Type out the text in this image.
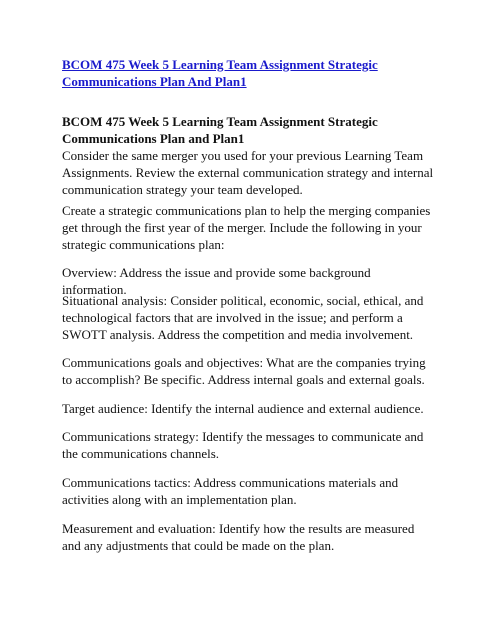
BCOM 475 Week 5 Learning Team Assignment Strategic Communications Plan And Plan1
BCOM 475 Week 5 Learning Team Assignment Strategic Communications Plan and Plan1

Consider the same merger you used for your previous Learning Team Assignments. Review the external communication strategy and internal communication strategy your team developed.

Create a strategic communications plan to help the merging companies get through the first year of the merger. Include the following in your strategic communications plan:

Overview: Address the issue and provide some background information.

Situational analysis: Consider political, economic, social, ethical, and technological factors that are involved in the issue; and perform a SWOTT analysis. Address the competition and media involvement.

Communications goals and objectives: What are the companies trying to accomplish? Be specific. Address internal goals and external goals.

Target audience: Identify the internal audience and external audience.

Communications strategy: Identify the messages to communicate and the communications channels.

Communications tactics: Address communications materials and activities along with an implementation plan.

Measurement and evaluation: Identify how the results are measured and any adjustments that could be made on the plan.
